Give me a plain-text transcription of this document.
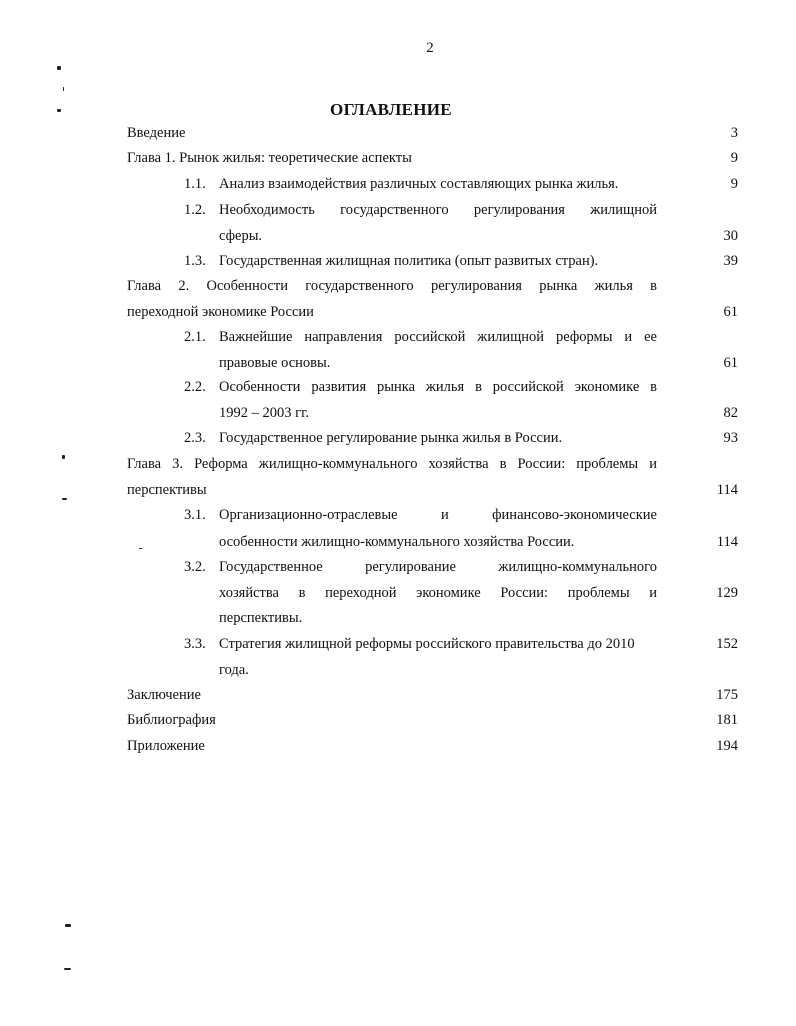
2
ОГЛАВЛЕНИЕ
Введение	3
Глава 1. Рынок жилья: теоретические аспекты	9
1.1. Анализ взаимодействия различных составляющих рынка жилья.	9
1.2. Необходимость государственного регулирования жилищной
сферы.	30
1.3. Государственная жилищная политика (опыт развитых стран).	39
Глава 2. Особенности государственного регулирования рынка жилья в
переходной экономике России	61
2.1. Важнейшие направления российской жилищной реформы и ее
правовые основы.	61
2.2. Особенности развития рынка жилья в российской экономике в
1992 – 2003 гг.	82
2.3. Государственное регулирование рынка жилья в России.	93
Глава 3. Реформа жилищно-коммунального хозяйства в России: проблемы и
перспективы	114
3.1. Организационно-отраслевые и финансово-экономические
особенности жилищно-коммунального хозяйства России.	114
3.2. Государственное регулирование жилищно-коммунального
хозяйства в переходной экономике России: проблемы и	129
перспективы.
3.3. Стратегия жилищной реформы российского правительства до 2010	152
года.
Заключение	175
Библиография	181
Приложение	194
